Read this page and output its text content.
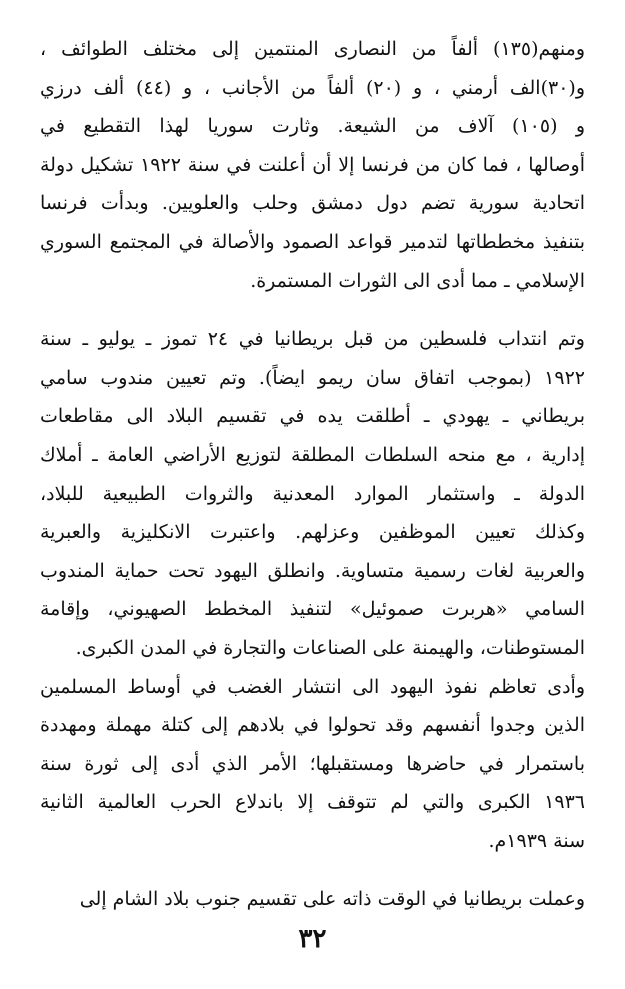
ومنهم(١٣٥) ألفاً من النصارى المنتمين إلى مختلف الطوائف ،
و(٣٠)الف أرمني ، و (٢٠) ألفاً من الأجانب ، و (٤٤) ألف درزي
و (١٠٥) آلاف من الشيعة. وثارت سوريا لهذا التقطيع في
أوصالها ، فما كان من فرنسا إلا أن أعلنت في سنة ١٩٢٢ تشكيل دولة
اتحادية سورية تضم دول دمشق وحلب والعلويين. وبدأت فرنسا
بتنفيذ مخططاتها لتدمير قواعد الصمود والأصالة في المجتمع السوري
الإسلامي ـ مما أدى الى الثورات المستمرة.

وتم انتداب فلسطين من قبل بريطانيا في ٢٤ تموز ـ يوليو ـ سنة
١٩٢٢ (بموجب اتفاق سان ريمو ايضاً). وتم تعيين مندوب سامي
بريطاني ـ يهودي ـ أطلقت يده في تقسيم البلاد الى مقاطعات
إدارية ، مع منحه السلطات المطلقة لتوزيع الأراضي العامة ـ أملاك
الدولة ـ واستثمار الموارد المعدنية والثروات الطبيعية للبلاد،
وكذلك تعيين الموظفين وعزلهم. واعتبرت الانكليزية والعبرية
والعربية لغات رسمية متساوية. وانطلق اليهود تحت حماية المندوب
السامي «هربرت صموئيل» لتنفيذ المخطط الصهيوني، وإقامة
المستوطنات، والهيمنة على الصناعات والتجارة في المدن الكبرى.

وأدى تعاظم نفوذ اليهود الى انتشار الغضب في أوساط المسلمين
الذين وجدوا أنفسهم وقد تحولوا في بلادهم إلى كتلة مهملة ومهددة
باستمرار في حاضرها ومستقبلها؛ الأمر الذي أدى إلى ثورة سنة
١٩٣٦ الكبرى والتي لم تتوقف إلا باندلاع الحرب العالمية الثانية
سنة ١٩٣٩م.

وعملت بريطانيا في الوقت ذاته على تقسيم جنوب بلاد الشام إلى

٣٢
